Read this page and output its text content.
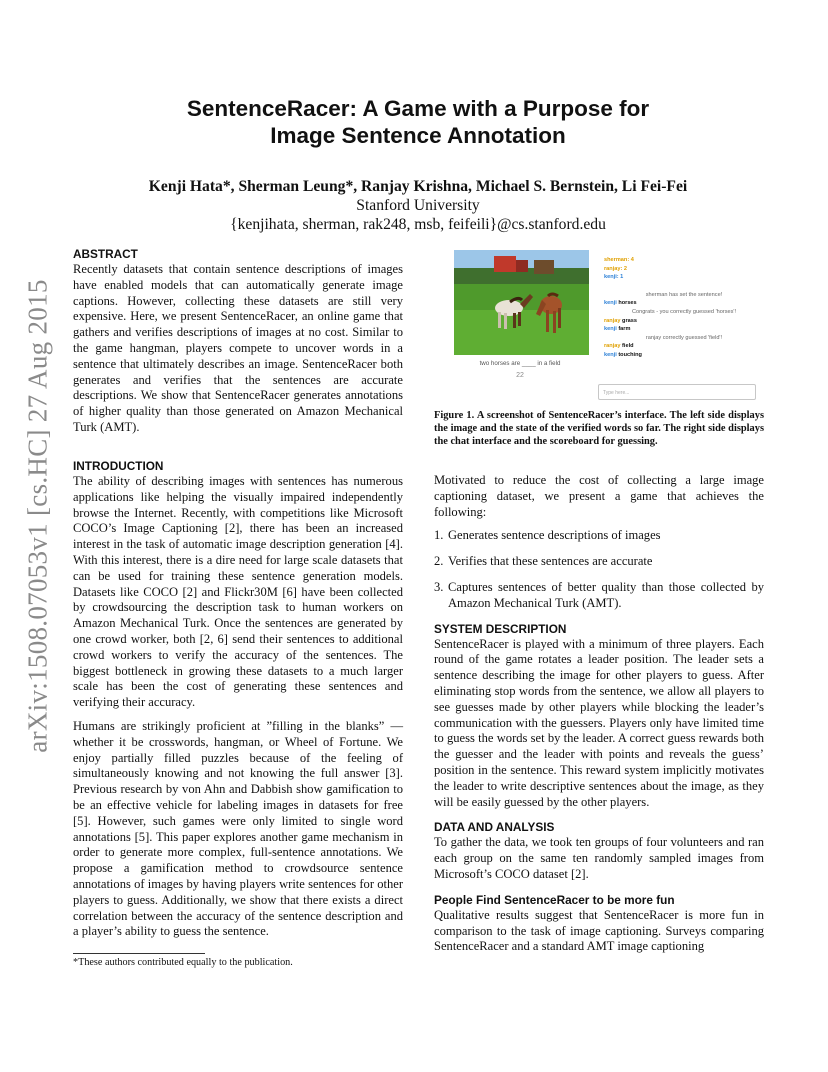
arXiv:1508.07053v1 [cs.HC] 27 Aug 2015
SentenceRacer: A Game with a Purpose for
Image Sentence Annotation
Kenji Hata*, Sherman Leung*, Ranjay Krishna, Michael S. Bernstein, Li Fei-Fei
Stanford University
{kenjihata, sherman, rak248, msb, feifeili}@cs.stanford.edu
ABSTRACT

Recently datasets that contain sentence descriptions of images have enabled models that can automatically generate image captions. However, collecting these datasets are still very expensive. Here, we present SentenceRacer, an online game that gathers and verifies descriptions of images at no cost. Similar to the game hangman, players compete to uncover words in a sentence that ultimately describes an image. SentenceRacer both generates and verifies that the sentences are accurate descriptions. We show that SentenceRacer generates annotations of higher quality than those generated on Amazon Mechanical Turk (AMT).

INTRODUCTION

The ability of describing images with sentences has numerous applications like helping the visually impaired independently browse the Internet. Recently, with competitions like Microsoft COCO’s Image Captioning [2], there has been an increased interest in the task of automatic image description generation [4]. With this interest, there is a dire need for large scale datasets that can be used for training these sentence generation models. Datasets like COCO [2] and Flickr30M [6] have been collected by crowdsourcing the description task to human workers on Amazon Mechanical Turk. Once the sentences are generated by one crowd worker, both [2, 6] send their sentences to additional crowd workers to verify the accuracy of the sentences. The biggest bottleneck in growing these datasets to a much larger scale has been the cost of generating these sentences and verifying their accuracy.

Humans are strikingly proficient at ”filling in the blanks” — whether it be crosswords, hangman, or Wheel of Fortune. We enjoy partially filled puzzles because of the feeling of simultaneously knowing and not knowing the full answer [3]. Previous research by von Ahn and Dabbish show gamification to be an effective vehicle for labeling images in datasets for free [5]. However, such games were only limited to single word annotations [5]. This paper explores another game mechanism in order to generate more complex, full-sentence annotations. We propose a gamification method to crowdsource sentence annotations of images by having players write sentences for other players to guess. Additionally, we show that there exists a direct correlation between the accuracy of the sentence description and a player’s ability to guess the sentence.

*These authors contributed equally to the publication.
two horses are ____ in a field
22
sherman: 4
ranjay: 2
kenji: 1
sherman has set the sentence!
kenji horses
Congrats - you correctly guessed 'horses'!
ranjay grass
kenji farm
ranjay correctly guessed 'field'!
ranjay field
kenji touching
Type here...
Figure 1. A screenshot of SentenceRacer’s interface. The left side displays the image and the state of the verified words so far. The right side displays the chat interface and the scoreboard for guessing.

Motivated to reduce the cost of collecting a large image captioning dataset, we present a game that achieves the following:

1. Generates sentence descriptions of images
2. Verifies that these sentences are accurate
3. Captures sentences of better quality than those collected by Amazon Mechanical Turk (AMT).
SYSTEM DESCRIPTION

SentenceRacer is played with a minimum of three players. Each round of the game rotates a leader position. The leader sets a sentence describing the image for other players to guess. After eliminating stop words from the sentence, we allow all players to see guesses made by other players while blocking the leader’s communication with the guessers. Players only have limited time to guess the words set by the leader. A correct guess rewards both the guesser and the leader with points and reveals the guess’ position in the sentence. This reward system implicitly motivates the leader to write descriptive sentences about the image, as they will be easily guessed by the other players.

DATA AND ANALYSIS

To gather the data, we took ten groups of four volunteers and ran each group on the same ten randomly sampled images from Microsoft’s COCO dataset [2].

People Find SentenceRacer to be more fun

Qualitative results suggest that SentenceRacer is more fun in comparison to the task of image captioning. Surveys comparing SentenceRacer and a standard AMT image captioning
